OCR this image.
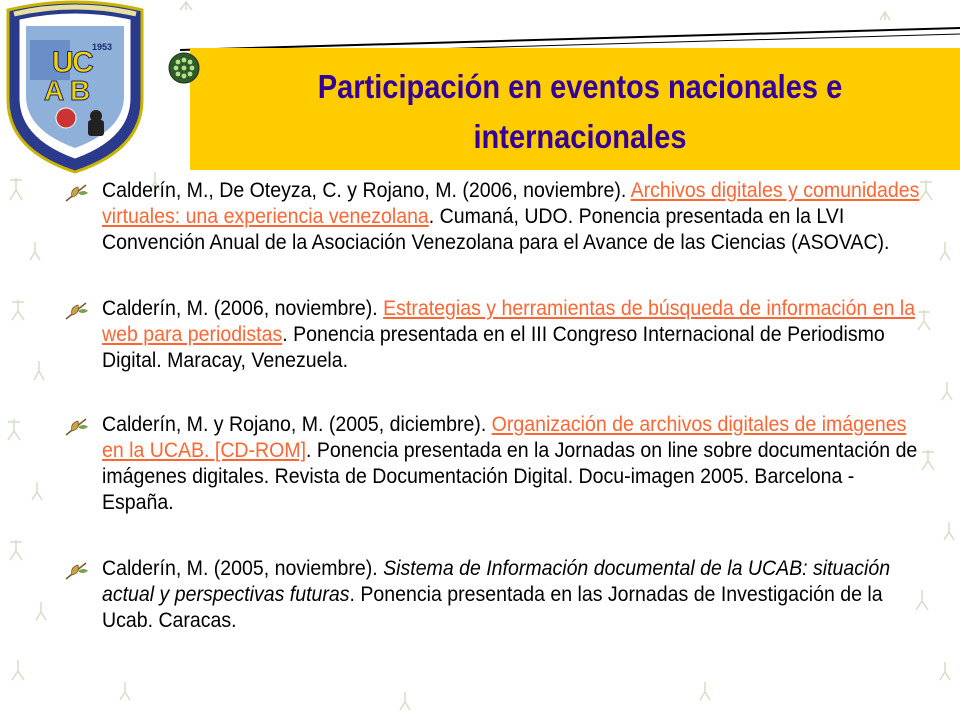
U
C
A B
1953
Participación en eventos nacionales e
internacionales
Calderín, M., De Oteyza, C. y Rojano, M. (2006, noviembre). Archivos digitales y comunidades virtuales: una experiencia venezolana. Cumaná, UDO. Ponencia presentada en la LVI Convención Anual de la Asociación Venezolana para el Avance de las Ciencias (ASOVAC).
Calderín, M. (2006, noviembre). Estrategias y herramientas de búsqueda de información en la web para periodistas. Ponencia presentada en el III Congreso Internacional de Periodismo Digital. Maracay, Venezuela.
Calderín, M. y Rojano, M. (2005, diciembre). Organización de archivos digitales de imágenes en la UCAB. [CD-ROM]. Ponencia presentada en la Jornadas on line sobre documentación de imágenes digitales. Revista de Documentación Digital. Docu-imagen 2005. Barcelona - España.
Calderín, M. (2005, noviembre). Sistema de Información documental de la UCAB: situación actual y perspectivas futuras. Ponencia presentada en las Jornadas de Investigación de la Ucab. Caracas.
